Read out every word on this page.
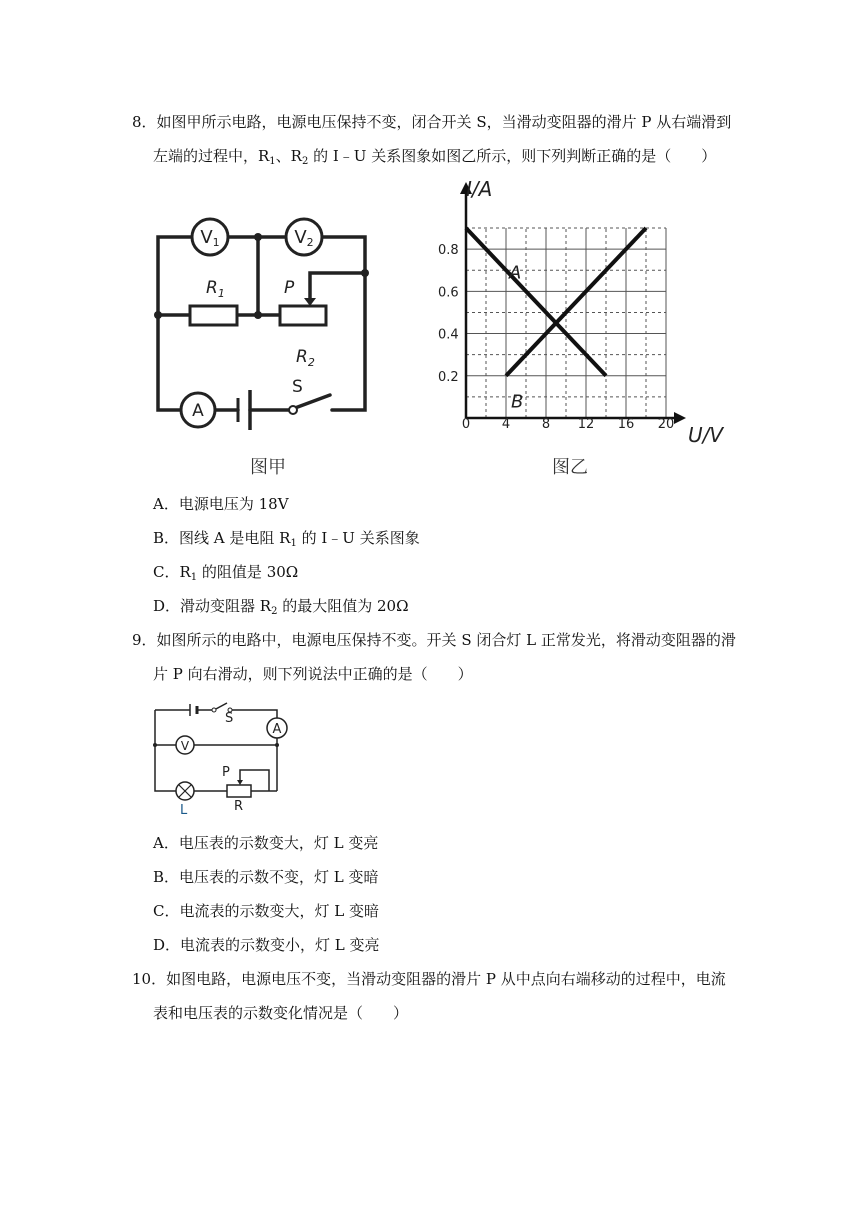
8．如图甲所示电路，电源电压保持不变，闭合开关 S，当滑动变阻器的滑片 P 从右端滑到
左端的过程中，$R_1$、$R_2$ 的 I﹣U 关系图象如图乙所示，则下列判断正确的是（　　）
V1	V2
$R_1$	P
$R_2$
S
A
图甲
0 4 8 12 16 20
0.2
0.4
0.6
0.8
I/A
U/V
A
B
图乙
A．电源电压为 18V
B．图线 A 是电阻 $R_1$ 的 I﹣U 关系图象
C．$R_1$ 的阻值是 30Ω
D．滑动变阻器 $R_2$ 的最大阻值为 20Ω
9．如图所示的电路中，电源电压保持不变。开关 S 闭合灯 L 正常发光，将滑动变阻器的滑
片 P 向右滑动，则下列说法中正确的是（　　）
S
A
V
P
R
L
A．电压表的示数变大，灯 L 变亮
B．电压表的示数不变，灯 L 变暗
C．电流表的示数变大，灯 L 变暗
D．电流表的示数变小，灯 L 变亮
10．如图电路，电源电压不变，当滑动变阻器的滑片 P 从中点向右端移动的过程中，电流
表和电压表的示数变化情况是（　　）
